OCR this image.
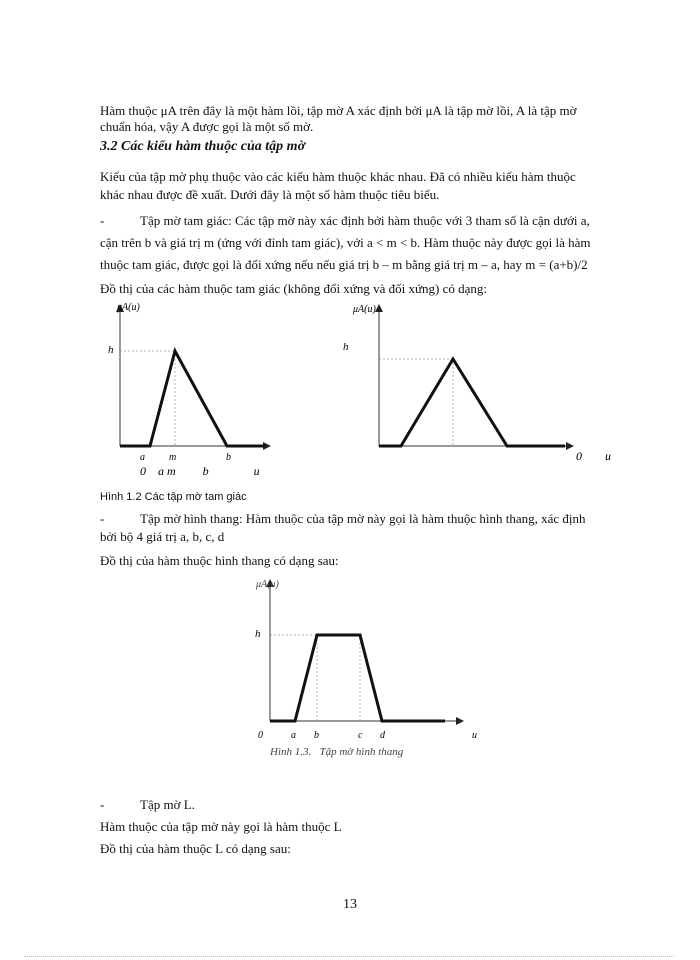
Hàm thuộc μA trên đây là một hàm lồi, tập mờ A xác định bởi μA là tập mờ lồi, A là tập mờ

chuẩn hóa, vậy A được gọi là một số mờ.

3.2 Các kiểu hàm thuộc của tập mờ

Kiểu của tập mờ phụ thuộc vào các kiểu hàm thuộc khác nhau. Đã có nhiều kiểu hàm thuộc

khác nhau được đề xuất. Dưới đây là một số hàm thuộc tiêu biểu.

-	Tập mờ tam giác: Các tập mờ này xác định bởi hàm thuộc với 3 tham số là cận dưới a,

cận trên b và giá trị m (ứng với đỉnh tam giác), với a < m < b. Hàm thuộc này được gọi là hàm

thuộc tam giác, được gọi là đối xứng nếu nếu giá trị b – m bằng giá trị m – a, hay m = (a+b)/2

Đồ thị của các hàm thuộc tam giác (không đối xứng và đối xứng) có dạng:

μA(u)
h
a m	b
0    a m         b               u
μA(u)
h
0 u
Hình 1.2 Các tập mờ tam giác
-	Tập mờ hình thang: Hàm thuộc của tập mờ này gọi là hàm thuộc hình thang, xác định

bởi bộ 4 giá trị a, b, c, d

Đồ thị của hàm thuộc hình thang có dạng sau:

μA(u)
h
0	a b	c d	u
Hình 1.3.   Tập mờ hình thang
-	Tập mờ L.

Hàm thuộc của tập mờ này gọi là hàm thuộc L

Đồ thị của hàm thuộc L có dạng sau:

13
